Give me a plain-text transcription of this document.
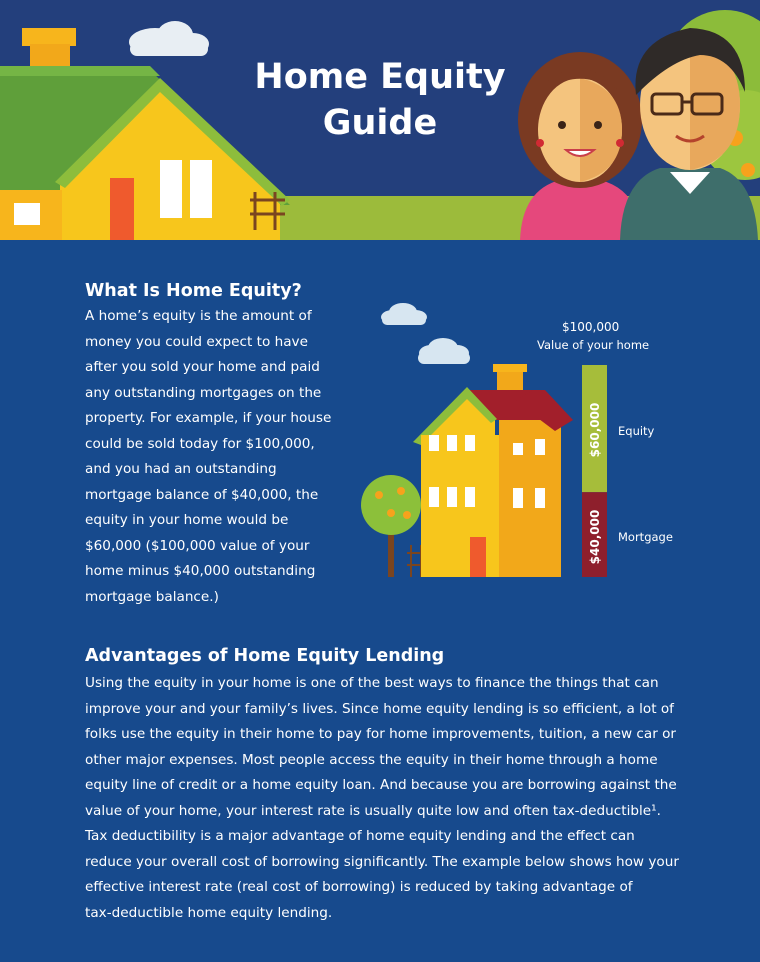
Home Equity
Guide
What Is Home Equity?
A home’s equity is the amount of
money you could expect to have
after you sold your home and paid
any outstanding mortgages on the
property. For example, if your house
could be sold today for $100,000,
and you had an outstanding
mortgage balance of $40,000, the
equity in your home would be
$60,000 ($100,000 value of your
home minus $40,000 outstanding
mortgage balance.)
$100,000
Value of your home
$60,000
$40,000
Equity
Mortgage
Advantages of Home Equity Lending
Using the equity in your home is one of the best ways to finance the things that can
improve your and your family’s lives. Since home equity lending is so efficient, a lot of
folks use the equity in their home to pay for home improvements, tuition, a new car or
other major expenses. Most people access the equity in their home through a home
equity line of credit or a home equity loan. And because you are borrowing against the
value of your home, your interest rate is usually quite low and often tax-deductible¹.
Tax deductibility is a major advantage of home equity lending and the effect can
reduce your overall cost of borrowing significantly. The example below shows how your
effective interest rate (real cost of borrowing) is reduced by taking advantage of
tax-deductible home equity lending.
